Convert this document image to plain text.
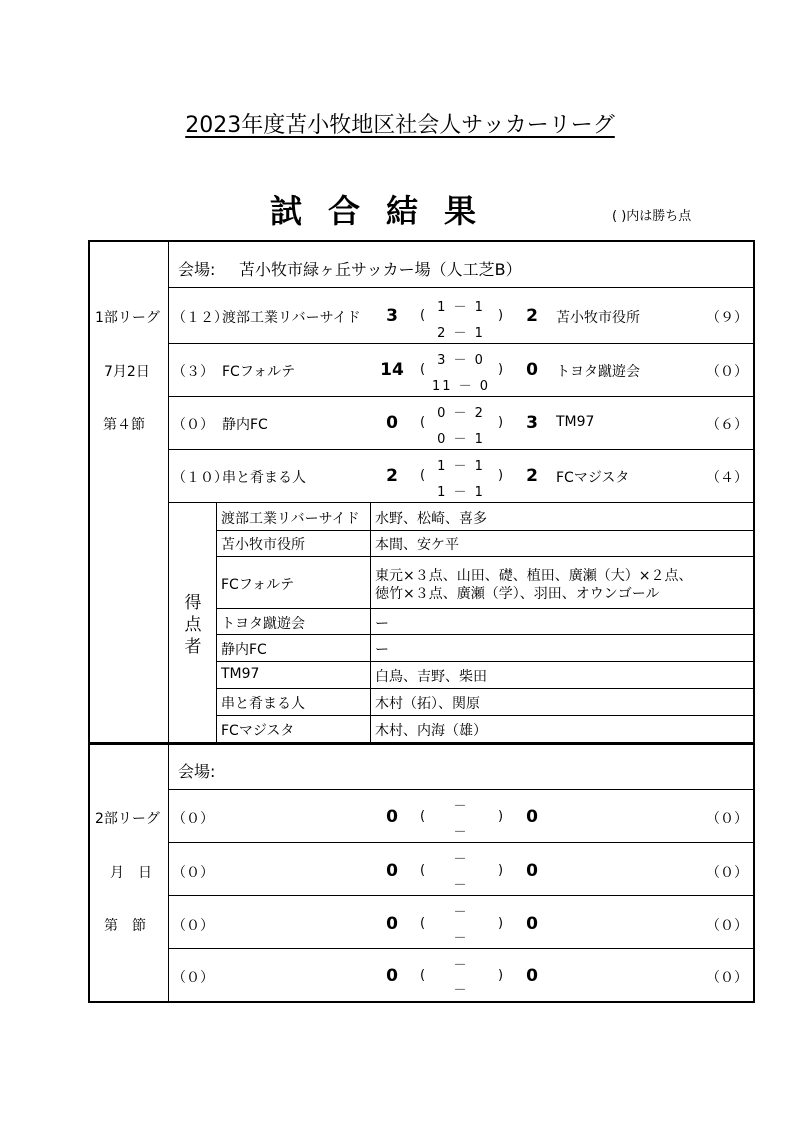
2023年度苫小牧地区社会人サッカーリーグ
試合結果	( )内は勝ち点
1部リーグ
7月2日
第４節
会場: 苫小牧市緑ヶ丘サッカー場（人工芝B）
（１２）
渡部工業リバーサイド	3	(
1 － 1
2 － 1
)	2	苫小牧市役所	（９）
（３） FCフォルテ	14	(
3 － 0
11 － 0
)	0	トヨタ蹴遊会	（０）
（０） 静内FC	0	(
0 － 2
0 － 1
)	3	TM97	（６）
（１０）
串と肴まる人	2	(
1 － 1
1 － 1
)	2	FCマジスタ	（４）
得点者
渡部工業リバーサイド 水野、松崎、喜多
苫小牧市役所	本間、安ケ平
FCフォルテ
東元×３点、山田、礎、植田、廣瀬（大）×２点、
徳竹×３点、廣瀬（学）、羽田、オウンゴール
トヨタ蹴遊会	ー
静内FC	ー
TM97	白鳥、吉野、柴田
串と肴まる人	木村（拓）、関原
FCマジスタ	木村、内海（雄）
2部リーグ
月　日
第　節
会場:
（０）	0	(
－
－
)	0	（０）
（０）	0	(
－
－
)	0	（０）
（０）	0	(
－
－
)	0	（０）
（０）	0	(
－
－
)	0	（０）
